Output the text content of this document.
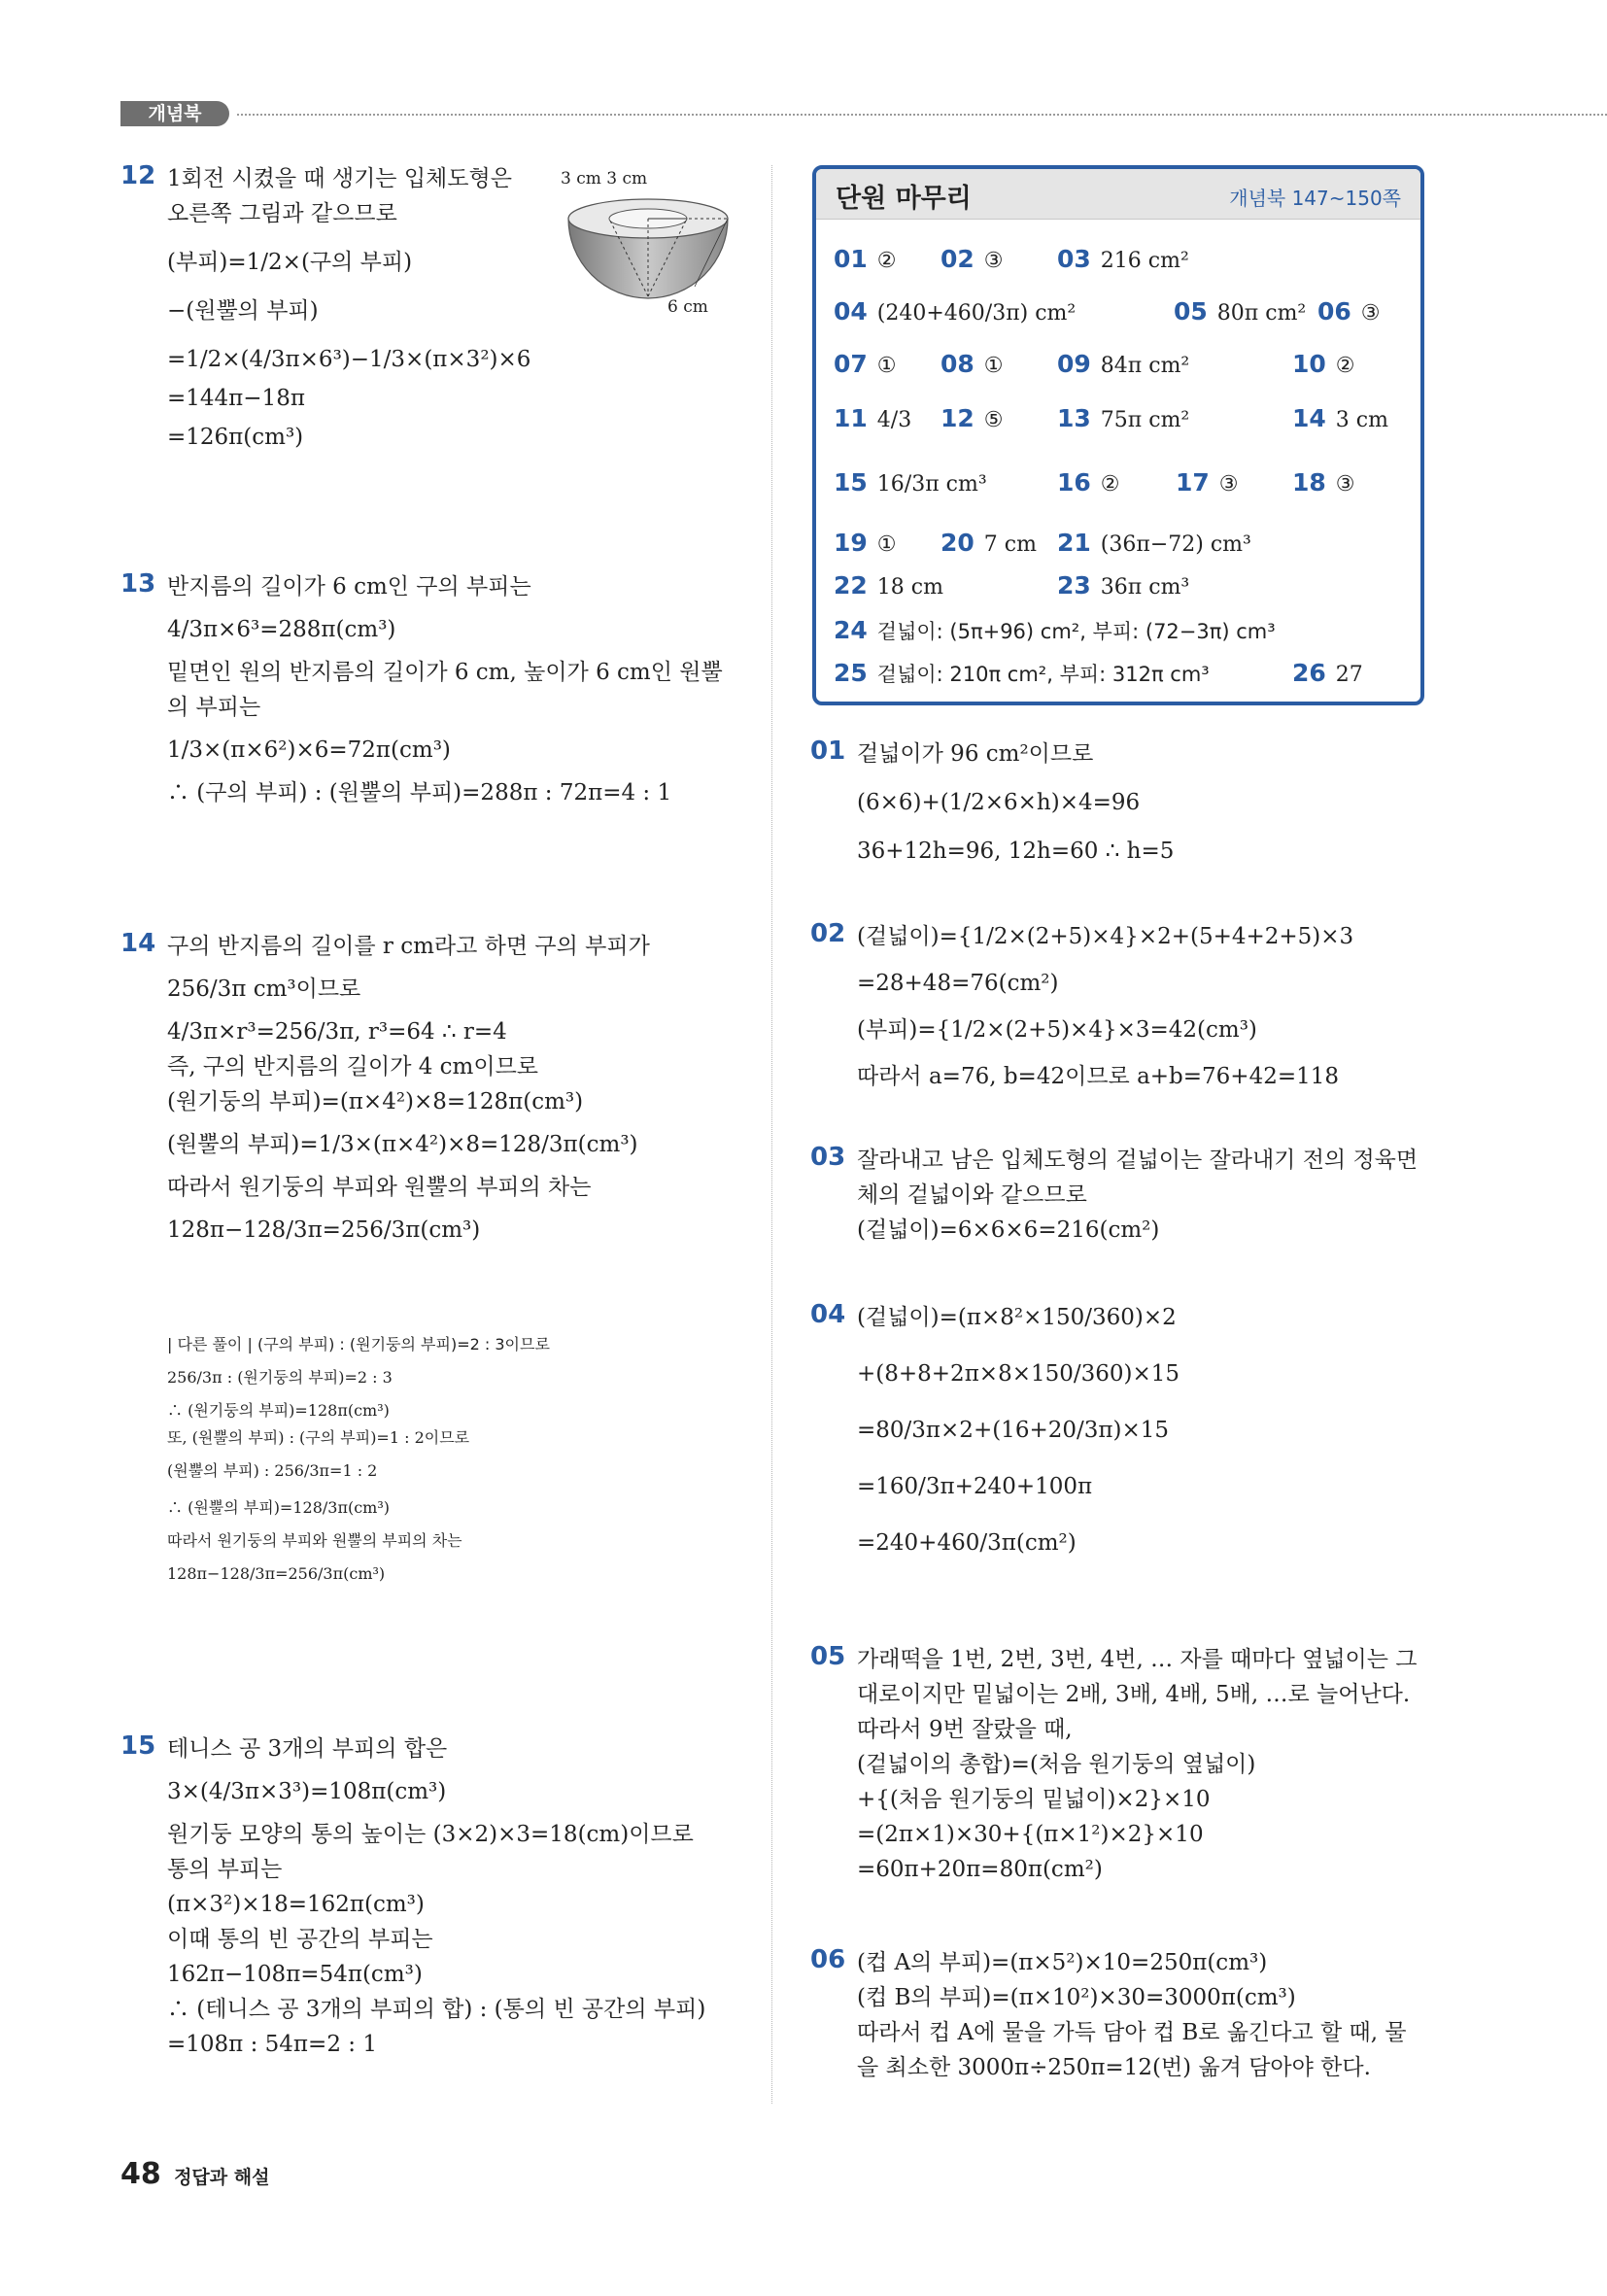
개념북
12 1회전 시켰을 때 생기는 입체도형은
오른쪽 그림과 같으므로
(부피)=1/2×(구의 부피)
−(원뿔의 부피)
=1/2×(4/3π×6³)−1/3×(π×3²)×6
=144π−18π
=126π(cm³)
3 cm 3 cm
6 cm
13 반지름의 길이가 6 cm인 구의 부피는
4/3π×6³=288π(cm³)
밑면인 원의 반지름의 길이가 6 cm, 높이가 6 cm인 원뿔
의 부피는
1/3×(π×6²)×6=72π(cm³)
∴ (구의 부피) : (원뿔의 부피)=288π : 72π=4 : 1
14 구의 반지름의 길이를 r cm라고 하면 구의 부피가
256/3π cm³이므로
4/3π×r³=256/3π, r³=64 ∴ r=4
즉, 구의 반지름의 길이가 4 cm이므로
(원기둥의 부피)=(π×4²)×8=128π(cm³)
(원뿔의 부피)=1/3×(π×4²)×8=128/3π(cm³)
따라서 원기둥의 부피와 원뿔의 부피의 차는
128π−128/3π=256/3π(cm³)
| 다른 풀이 | (구의 부피) : (원기둥의 부피)=2 : 3이므로
256/3π : (원기둥의 부피)=2 : 3
∴ (원기둥의 부피)=128π(cm³)
또, (원뿔의 부피) : (구의 부피)=1 : 2이므로
(원뿔의 부피) : 256/3π=1 : 2
∴ (원뿔의 부피)=128/3π(cm³)
따라서 원기둥의 부피와 원뿔의 부피의 차는
128π−128/3π=256/3π(cm³)
15 테니스 공 3개의 부피의 합은
3×(4/3π×3³)=108π(cm³)
원기둥 모양의 통의 높이는 (3×2)×3=18(cm)이므로
통의 부피는
(π×3²)×18=162π(cm³)
이때 통의 빈 공간의 부피는
162π−108π=54π(cm³)
∴ (테니스 공 3개의 부피의 합) : (통의 빈 공간의 부피)
=108π : 54π=2 : 1
단원 마무리	개념북 147~150쪽
01 ② 02 ③ 03 216 cm²
04 (240+460/3π) cm²	05 80π cm² 06 ③
07 ① 08 ① 09 84π cm²	10 ②
11 4/3 12 ⑤ 13 75π cm²	14 3 cm
15 16/3π cm³	16 ② 17 ③ 18 ③
19 ① 20 7 cm 21 (36π−72) cm³
22 18 cm	23 36π cm³
24 겉넓이: (5π+96) cm², 부피: (72−3π) cm³
25 겉넓이: 210π cm², 부피: 312π cm³	26 27
01 겉넓이가 96 cm²이므로
(6×6)+(1/2×6×h)×4=96
36+12h=96, 12h=60 ∴ h=5
02 (겉넓이)={1/2×(2+5)×4}×2+(5+4+2+5)×3
=28+48=76(cm²)
(부피)={1/2×(2+5)×4}×3=42(cm³)
따라서 a=76, b=42이므로 a+b=76+42=118
03 잘라내고 남은 입체도형의 겉넓이는 잘라내기 전의 정육면
체의 겉넓이와 같으므로
(겉넓이)=6×6×6=216(cm²)
04 (겉넓이)=(π×8²×150/360)×2
+(8+8+2π×8×150/360)×15
=80/3π×2+(16+20/3π)×15
=160/3π+240+100π
=240+460/3π(cm²)
05 가래떡을 1번, 2번, 3번, 4번, … 자를 때마다 옆넓이는 그
대로이지만 밑넓이는 2배, 3배, 4배, 5배, …로 늘어난다.
따라서 9번 잘랐을 때,
(겉넓이의 총합)=(처음 원기둥의 옆넓이)
+{(처음 원기둥의 밑넓이)×2}×10
=(2π×1)×30+{(π×1²)×2}×10
=60π+20π=80π(cm²)
06 (컵 A의 부피)=(π×5²)×10=250π(cm³)
(컵 B의 부피)=(π×10²)×30=3000π(cm³)
따라서 컵 A에 물을 가득 담아 컵 B로 옮긴다고 할 때, 물
을 최소한 3000π÷250π=12(번) 옮겨 담아야 한다.
48 정답과 해설
